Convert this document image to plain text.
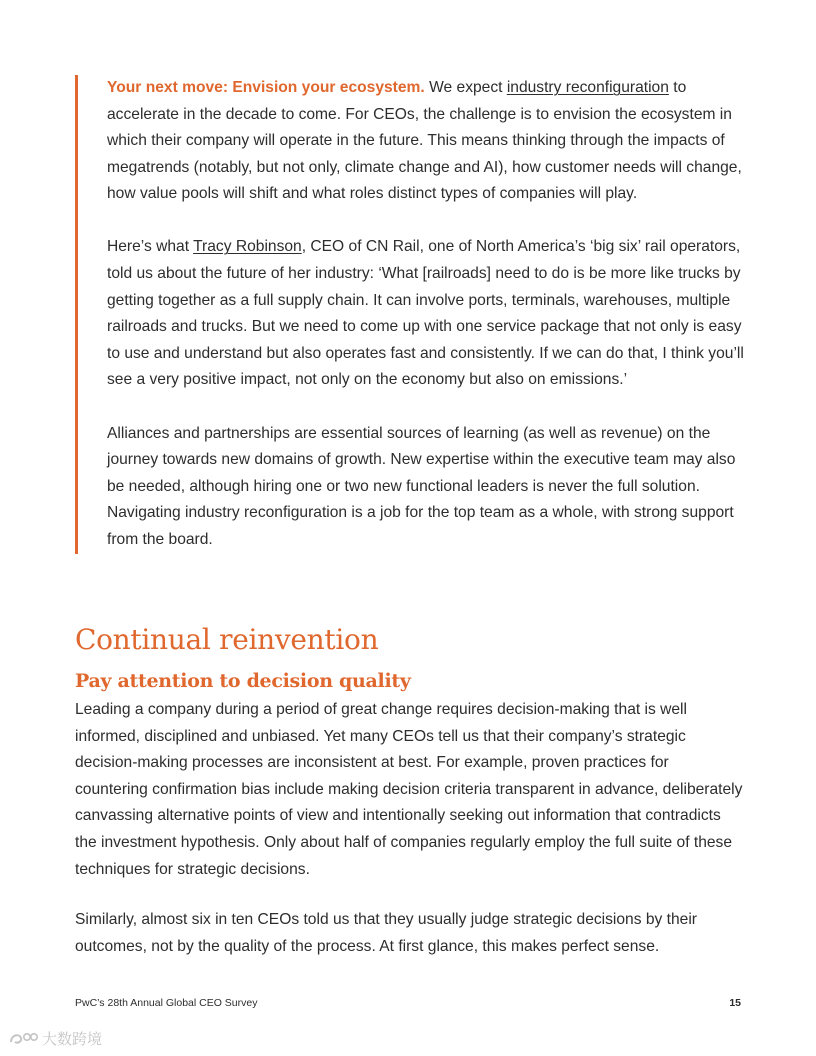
Your next move: Envision your ecosystem. We expect industry reconfiguration to accelerate in the decade to come. For CEOs, the challenge is to envision the ecosystem in which their company will operate in the future. This means thinking through the impacts of megatrends (notably, but not only, climate change and AI), how customer needs will change, how value pools will shift and what roles distinct types of companies will play.

Here’s what Tracy Robinson, CEO of CN Rail, one of North America’s ‘big six’ rail operators, told us about the future of her industry: ‘What [railroads] need to do is be more like trucks by getting together as a full supply chain. It can involve ports, terminals, warehouses, multiple railroads and trucks. But we need to come up with one service package that not only is easy to use and understand but also operates fast and consistently. If we can do that, I think you’ll see a very positive impact, not only on the economy but also on emissions.’

Alliances and partnerships are essential sources of learning (as well as revenue) on the journey towards new domains of growth. New expertise within the executive team may also be needed, although hiring one or two new functional leaders is never the full solution. Navigating industry reconfiguration is a job for the top team as a whole, with strong support from the board.

Continual reinvention
Pay attention to decision quality

Leading a company during a period of great change requires decision-making that is well informed, disciplined and unbiased. Yet many CEOs tell us that their company’s strategic decision-making processes are inconsistent at best. For example, proven practices for countering confirmation bias include making decision criteria transparent in advance, deliberately canvassing alternative points of view and intentionally seeking out information that contradicts the investment hypothesis. Only about half of companies regularly employ the full suite of these techniques for strategic decisions.

Similarly, almost six in ten CEOs told us that they usually judge strategic decisions by their outcomes, not by the quality of the process. At first glance, this makes perfect sense.

PwC’s 28th Annual Global CEO Survey	15
大数跨境
